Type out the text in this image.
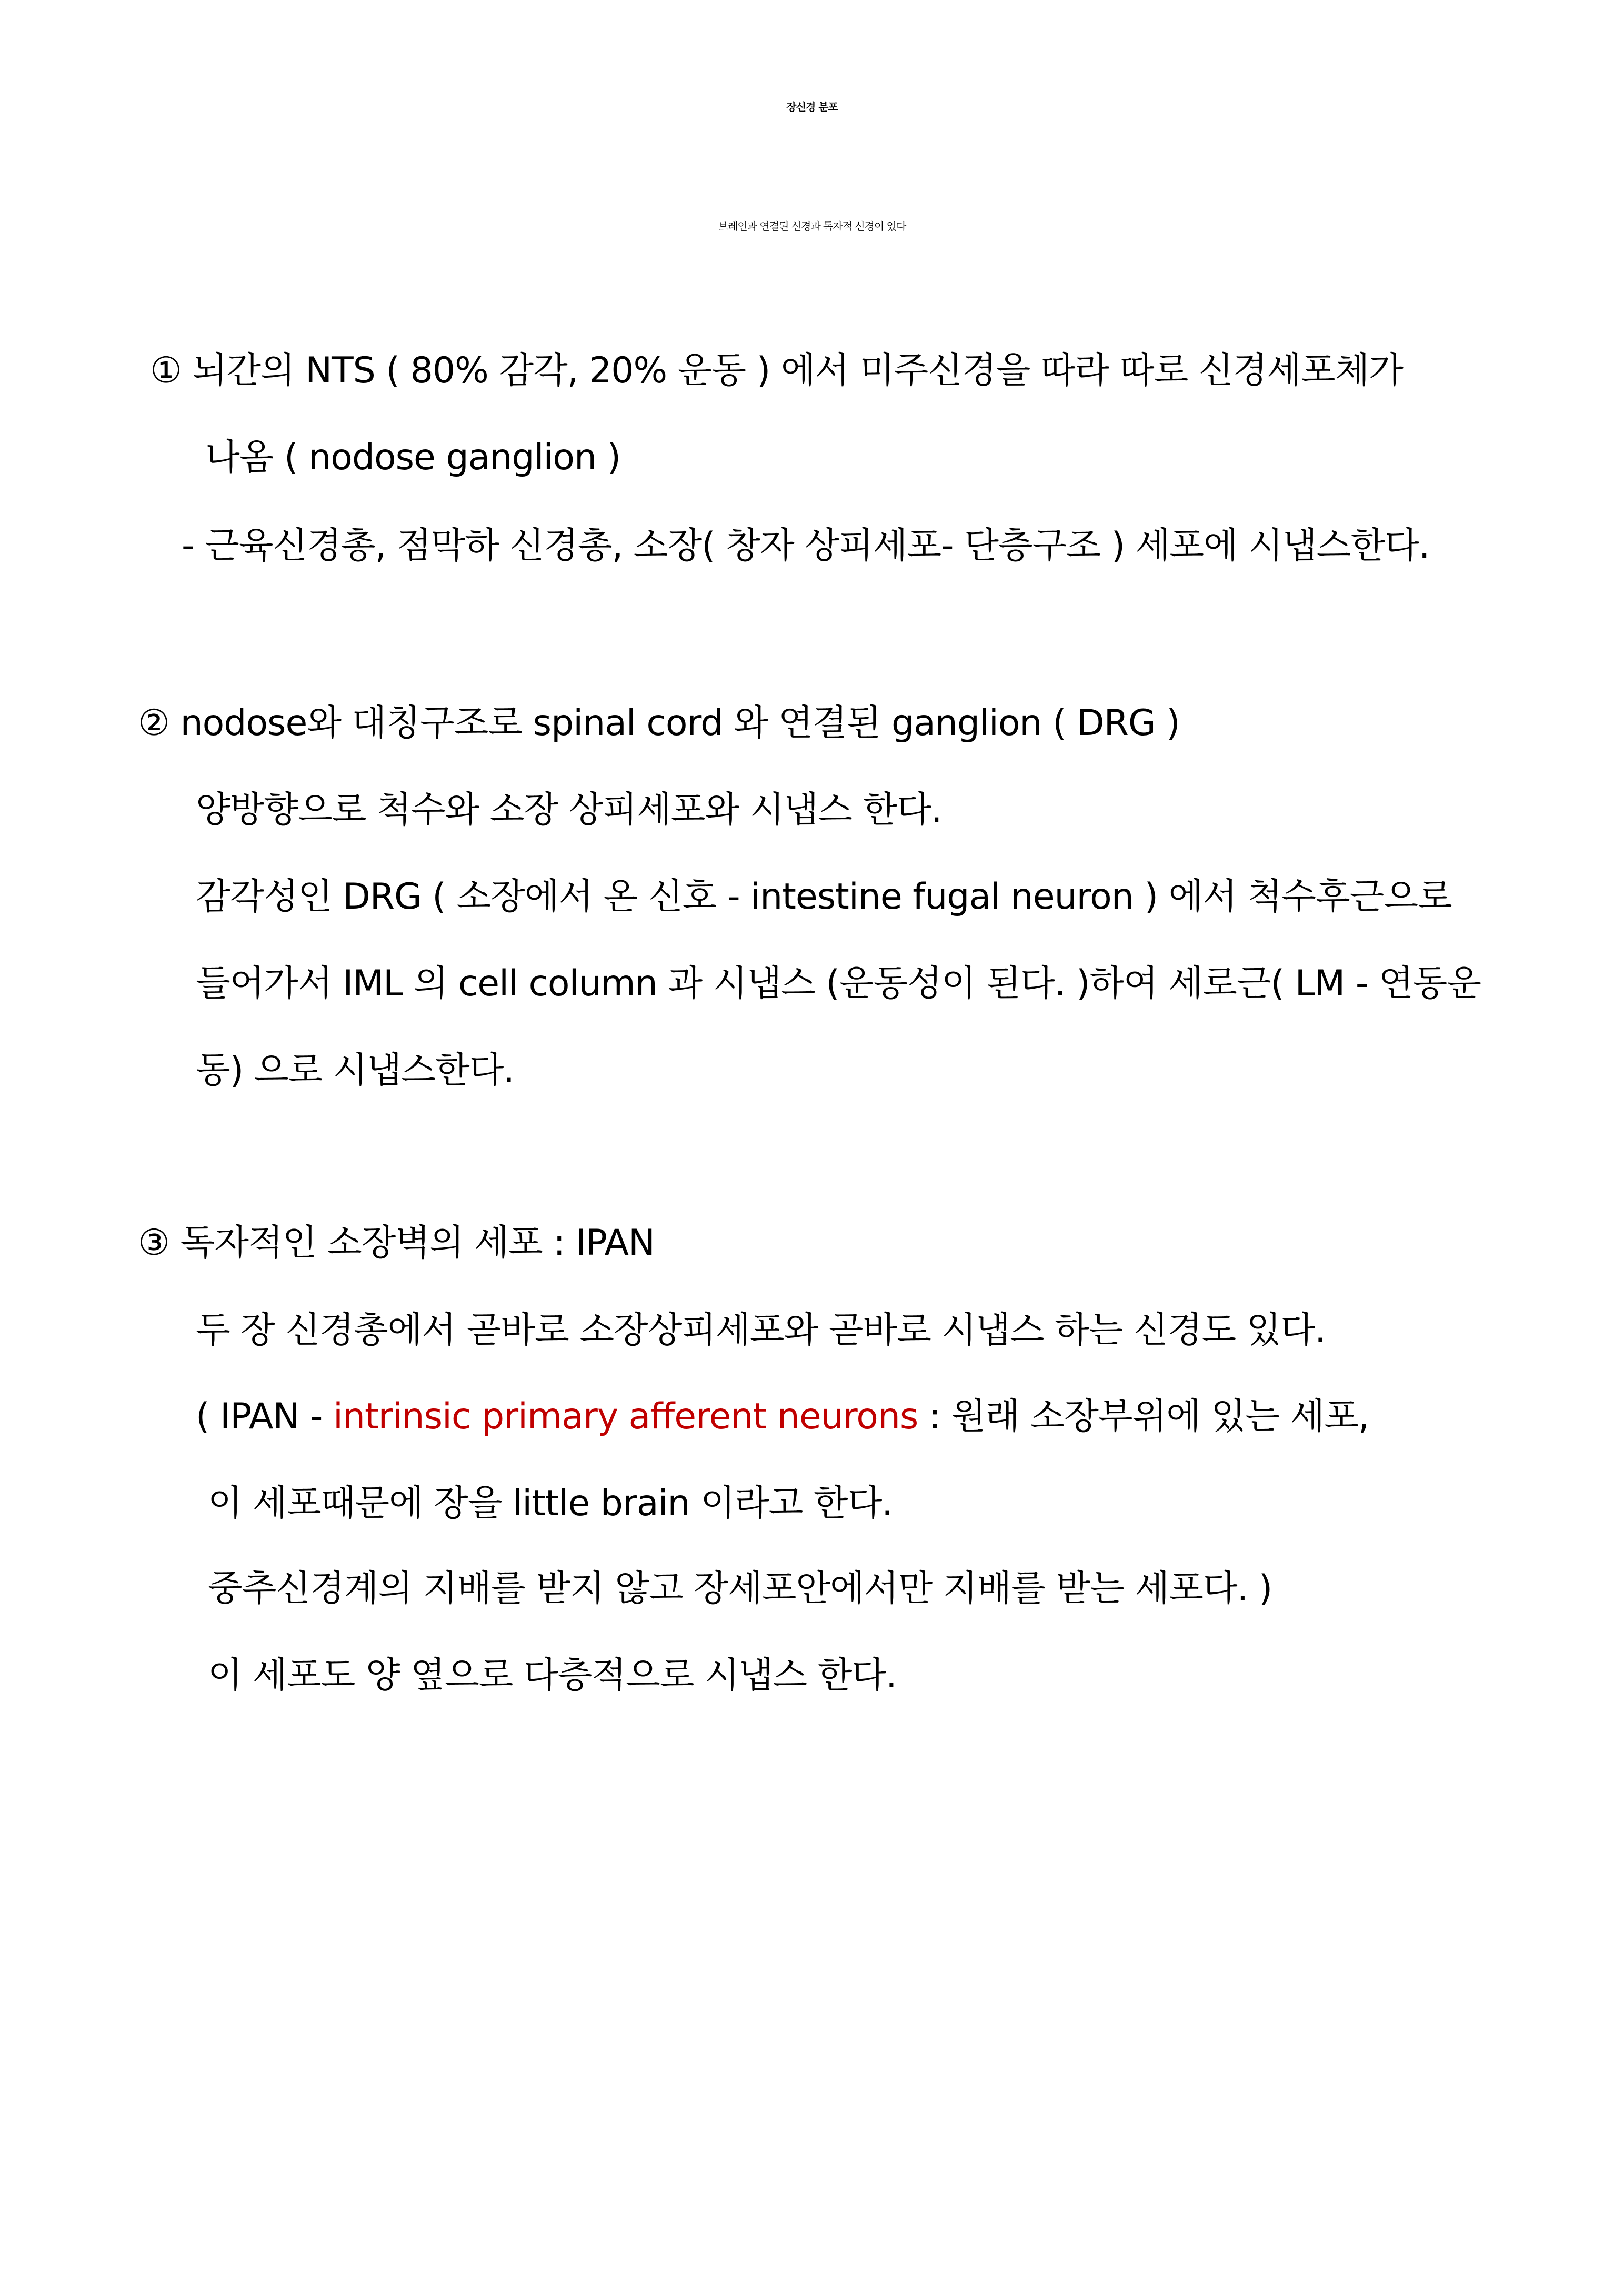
장신경 분포
브레인과 연결된 신경과 독자적 신경이 있다
① 뇌간의 NTS ( 80% 감각, 20% 운동 ) 에서 미주신경을 따라 따로 신경세포체가
나옴 ( nodose ganglion )
- 근육신경총, 점막하 신경총, 소장( 창자 상피세포- 단층구조 ) 세포에 시냅스한다.
② nodose와 대칭구조로 spinal cord 와 연결된 ganglion ( DRG )
양방향으로 척수와 소장 상피세포와 시냅스 한다.
감각성인 DRG ( 소장에서 온 신호 - intestine fugal neuron ) 에서 척수후근으로
들어가서 IML 의 cell column 과 시냅스 (운동성이 된다. )하여 세로근( LM - 연동운
동) 으로 시냅스한다.
③ 독자적인 소장벽의 세포 : IPAN
두 장 신경총에서 곧바로 소장상피세포와 곧바로 시냅스 하는 신경도 있다.
( IPAN - intrinsic primary afferent neurons : 원래 소장부위에 있는 세포,
이 세포때문에 장을 little brain 이라고 한다.
중추신경계의 지배를 받지 않고 장세포안에서만 지배를 받는 세포다. )
이 세포도 양 옆으로 다층적으로 시냅스 한다.
